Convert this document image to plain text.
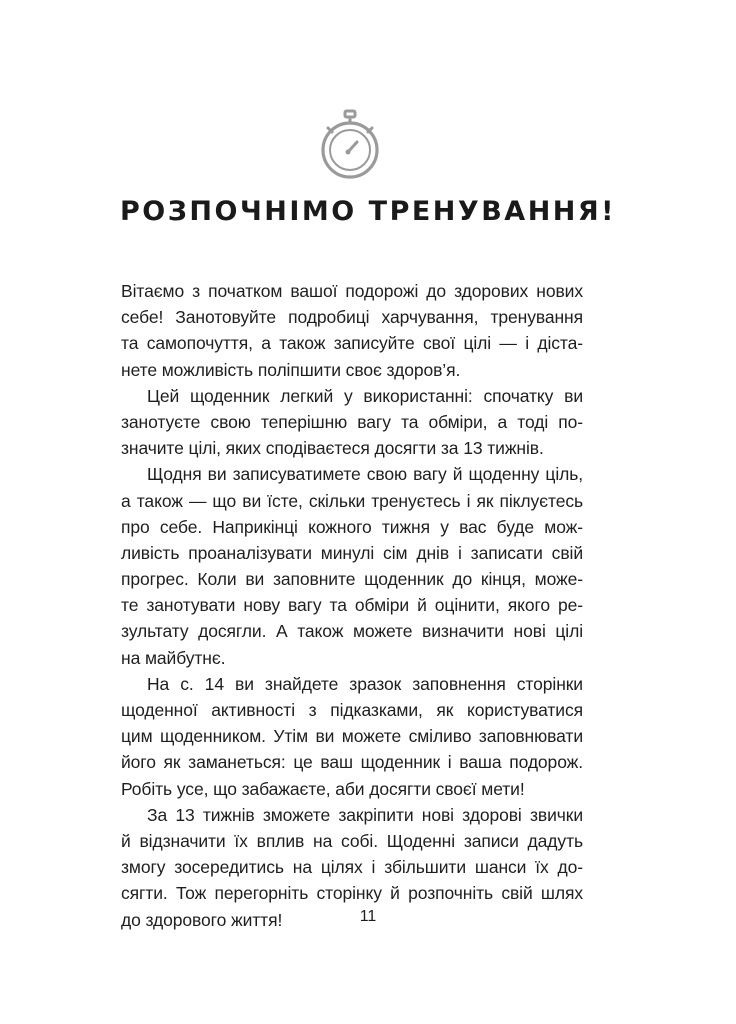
РОЗПОЧНІМО ТРЕНУВАННЯ!
Вітаємо з початком вашої подорожі до здорових нових
себе! Занотовуйте подробиці харчування, тренування
та самопочуття, а також записуйте свої цілі — і діста-
нете можливість поліпшити своє здоров’я.
Цей щоденник легкий у використанні: спочатку ви
занотуєте свою теперішню вагу та обміри, а тоді по-
значите цілі, яких сподіваєтеся досягти за 13 тижнів.
Щодня ви записуватимете свою вагу й щоденну ціль,
а також — що ви їсте, скільки тренуєтесь і як піклуєтесь
про себе. Наприкінці кожного тижня у вас буде мож-
ливість проаналізувати минулі сім днів і записати свій
прогрес. Коли ви заповните щоденник до кінця, може-
те занотувати нову вагу та обміри й оцінити, якого ре-
зультату досягли. А також можете визначити нові цілі
на майбутнє.
На с. 14 ви знайдете зразок заповнення сторінки
щоденної активності з підказками, як користуватися
цим щоденником. Утім ви можете сміливо заповнювати
його як заманеться: це ваш щоденник і ваша подорож.
Робіть усе, що забажаєте, аби досягти своєї мети!
За 13 тижнів зможете закріпити нові здорові звички
й відзначити їх вплив на собі. Щоденні записи дадуть
змогу зосередитись на цілях і збільшити шанси їх до-
сягти. Тож перегорніть сторінку й розпочніть свій шлях
до здорового життя!	11
